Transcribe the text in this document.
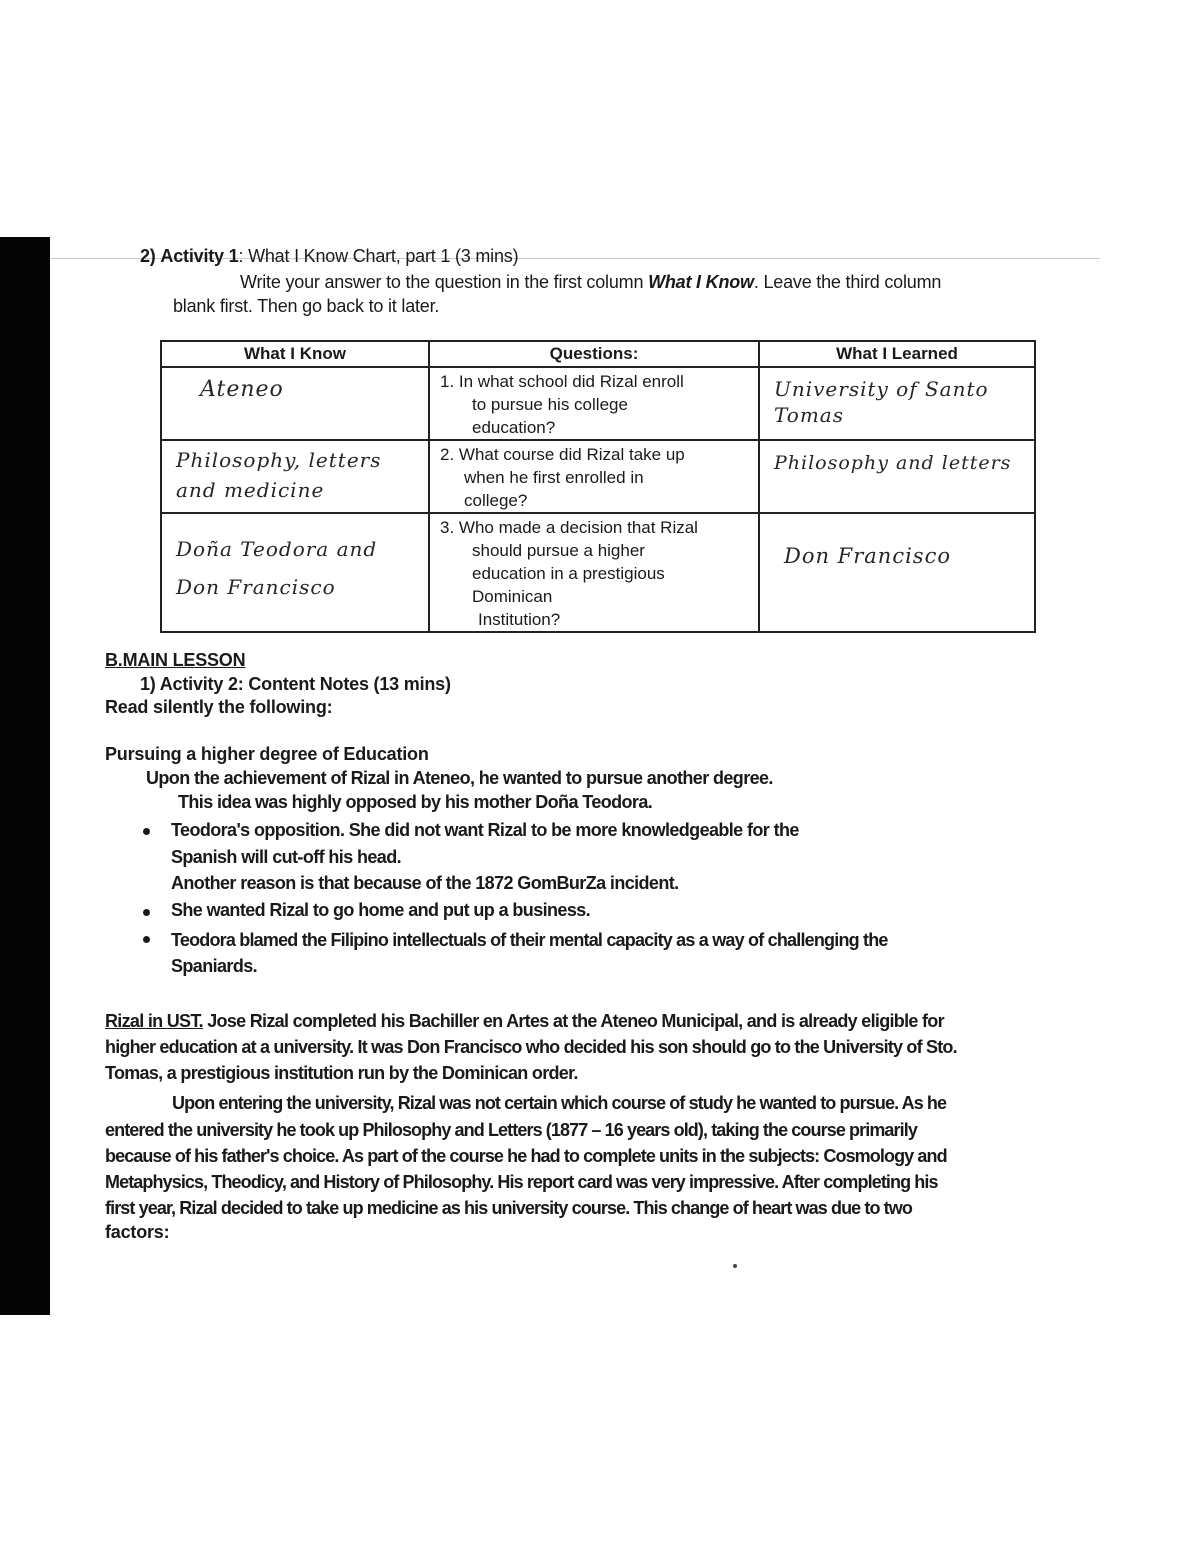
2) Activity 1: What I Know Chart, part 1 (3 mins)
Write your answer to the question in the first column What I Know. Leave the third column
blank first. Then go back to it later.
What I Know	Questions:	What I Learned

Ateneo	1. In what school did Rizal enroll
to pursue his college
education?	University of Santo
Tomas

Philosophy, letters
and medicine	2. What course did Rizal take up
when he first enrolled in
college?	Philosophy and letters

Doña Teodora and
Don Francisco	3. Who made a decision that Rizal
should pursue a higher
education in a prestigious
Dominican
Institution?	Don Francisco
B.MAIN LESSON
1) Activity 2: Content Notes (13 mins)
Read silently the following:
Pursuing a higher degree of Education
Upon the achievement of Rizal in Ateneo, he wanted to pursue another degree.
This idea was highly opposed by his mother Doña Teodora.
Teodora's opposition. She did not want Rizal to be more knowledgeable for the
Spanish will cut-off his head.
Another reason is that because of the 1872 GomBurZa incident.
She wanted Rizal to go home and put up a business.
Teodora blamed the Filipino intellectuals of their mental capacity as a way of challenging the
Spaniards.
Rizal in UST. Jose Rizal completed his Bachiller en Artes at the Ateneo Municipal, and is already eligible for
higher education at a university. It was Don Francisco who decided his son should go to the University of Sto.
Tomas, a prestigious institution run by the Dominican order.
Upon entering the university, Rizal was not certain which course of study he wanted to pursue. As he
entered the university he took up Philosophy and Letters (1877 – 16 years old), taking the course primarily
because of his father's choice. As part of the course he had to complete units in the subjects: Cosmology and
Metaphysics, Theodicy, and History of Philosophy. His report card was very impressive. After completing his
first year, Rizal decided to take up medicine as his university course. This change of heart was due to two
factors:
